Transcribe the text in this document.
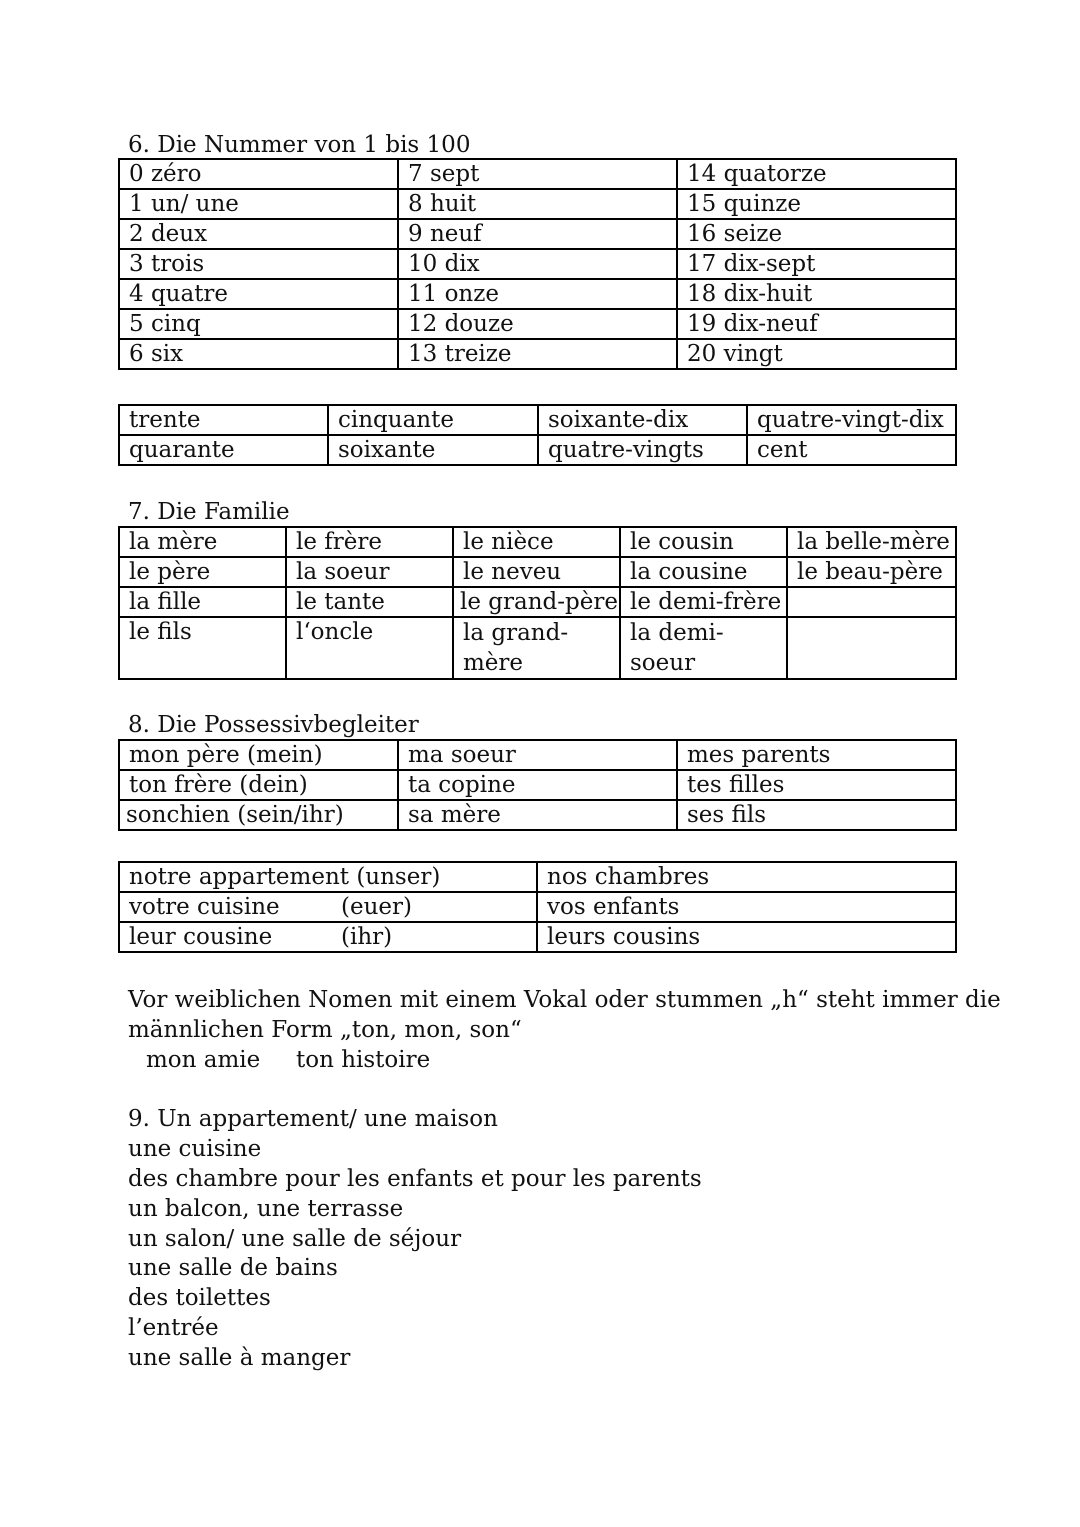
6. Die Nummer von 1 bis 100
0 zéro	7 sept	14 quatorze
1 un/ une	8 huit	15 quinze
2 deux	9 neuf	16 seize
3 trois	10 dix	17 dix-sept
4 quatre	11 onze	18 dix-huit
5 cinq	12 douze	19 dix-neuf
6 six	13 treize	20 vingt
trente	cinquante	soixante-dix	quatre-vingt-dix
quarante	soixante	quatre-vingts	cent
7. Die Familie
la mère	le frère	le nièce	le cousin	la belle-mère
le père	la soeur	le neveu	la cousine	le beau-père
la fille	le tante	le grand-père	le demi-frère	
le fils	l‘oncle	la grand-mère	la demi-soeur	
8. Die Possessivbegleiter
mon père (mein)	ma soeur	mes parents
ton frère (dein)	ta copine	tes filles
sonchien (sein/ihr)	sa mère	ses fils
notre appartement (unser)	nos chambres
votre cuisine (euer)	vos enfants
leur cousine (ihr)	leurs cousins
Vor weiblichen Nomen mit einem Vokal oder stummen „h“ steht immer die
männlichen Form „ton, mon, son“
mon amie ton histoire
9. Un appartement/ une maison
une cuisine
des chambre pour les enfants et pour les parents
un balcon, une terrasse
un salon/ une salle de séjour
une salle de bains
des toilettes
l’entrée
une salle à manger
